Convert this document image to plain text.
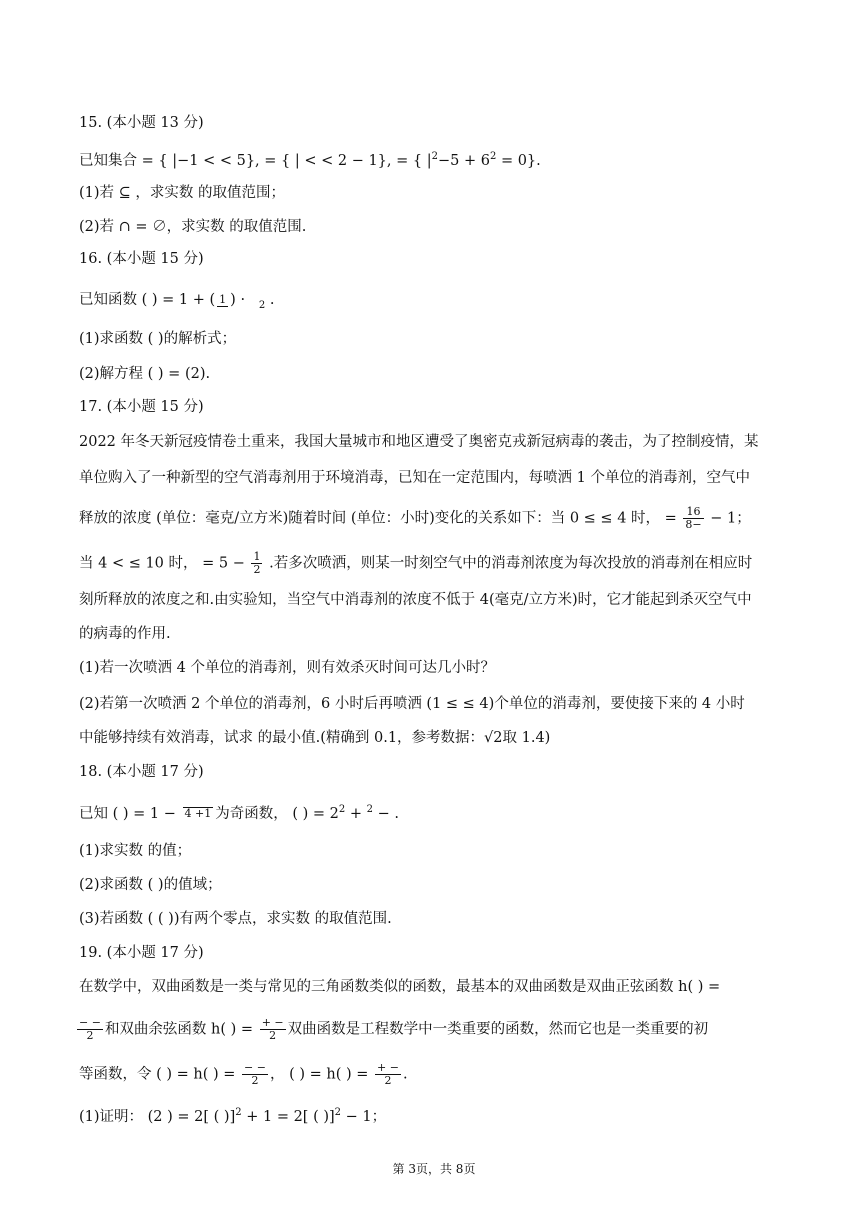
15. (本小题 13 分)
已知集合 = { |−1 < < 5}, = { | < < 2 − 1}, = { $|^2-5 + 6^2 = 0$}.
(1)若 ⊆ ，求实数 的取值范围；
(2)若 ∩ = ∅，求实数 的取值范围.
16. (本小题 15 分)
已知函数 ( ) = 1 + ( 1 ) · $_2$ .
(1)求函数 ( )的解析式；
(2)解方程 ( ) = (2).
17. (本小题 15 分)
2022 年冬天新冠疫情卷土重来，我国大量城市和地区遭受了奥密克戎新冠病毒的袭击，为了控制疫情，某
单位购入了一种新型的空气消毒剂用于环境消毒，已知在一定范围内，每喷洒 1 个单位的消毒剂，空气中
释放的浓度 (单位：毫克/立方米)随着时间 (单位：小时)变化的关系如下：当 0 ≤ ≤ 4 时， = $\frac{16}{8-} - 1$；
当 4 < ≤ 10 时， = $5 - \frac{1}{2}$ .若多次喷洒，则某一时刻空气中的消毒剂浓度为每次投放的消毒剂在相应时
刻所释放的浓度之和.由实验知，当空气中消毒剂的浓度不低于 4(毫克/立方米)时，它才能起到杀灭空气中
的病毒的作用.
(1)若一次喷洒 4 个单位的消毒剂，则有效杀灭时间可达几小时？
(2)若第一次喷洒 2 个单位的消毒剂，6 小时后再喷洒 (1 ≤ ≤ 4)个单位的消毒剂，要使接下来的 4 小时
中能够持续有效消毒，试求 的最小值.(精确到 0.1，参考数据：√2取 1.4)
18. (本小题 17 分)
已知 ( ) = 1 − 4 +1 为奇函数， ( ) = $2^2 + ^2$ − .
(1)求实数 的值；
(2)求函数 ( )的值域；
(3)若函数 ( ( ))有两个零点，求实数 的取值范围.
19. (本小题 17 分)
在数学中，双曲函数是一类与常见的三角函数类似的函数，最基本的双曲函数是双曲正弦函数 h( ) =
$\frac{- -}{2}$ 和双曲余弦函数 h( ) = $\frac{+ -}{2}$ 双曲函数是工程数学中一类重要的函数，然而它也是一类重要的初
等函数，令 ( ) = h( ) = $\frac{- -}{2}$ ， ( ) = h( ) = $\frac{+ -}{2}$ .
(1)证明： (2 ) = 2[ ( )]$^2$ + 1 = 2[ ( )]$^2$ − 1；
第 3页，共 8页
